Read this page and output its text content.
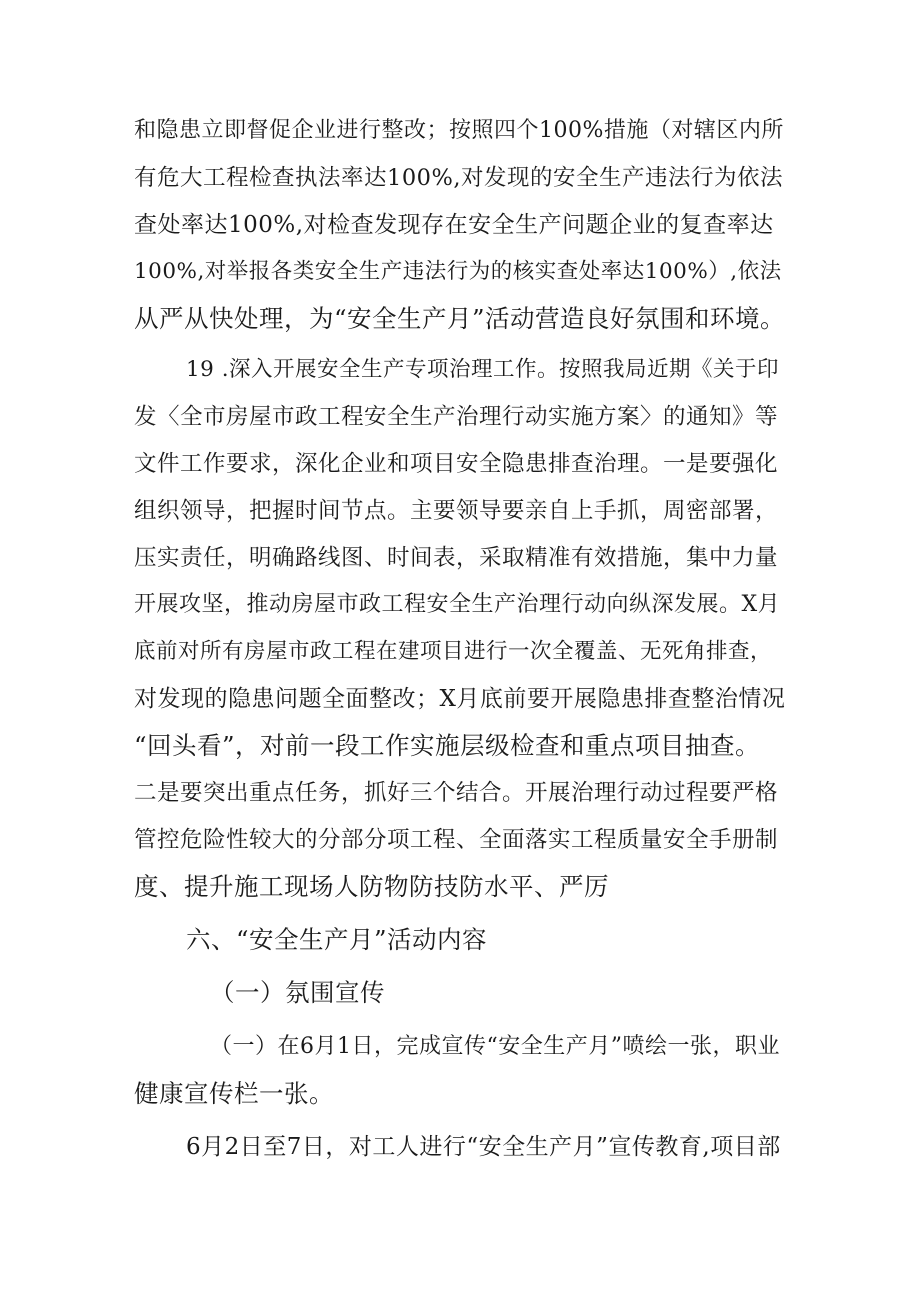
和隐患立即督促企业进行整改；按照四个100%措施（对辖区内所
有危大工程检查执法率达100%,对发现的安全生产违法行为依法
查处率达100%,对检查发现存在安全生产问题企业的复查率达
100%,对举报各类安全生产违法行为的核实查处率达100%）,依法
从严从快处理，为“安全生产月”活动营造良好氛围和环境。
19 .深入开展安全生产专项治理工作。按照我局近期《关于印
发〈全市房屋市政工程安全生产治理行动实施方案〉的通知》等
文件工作要求，深化企业和项目安全隐患排查治理。一是要强化
组织领导，把握时间节点。主要领导要亲自上手抓，周密部署，
压实责任，明确路线图、时间表，采取精准有效措施，集中力量
开展攻坚，推动房屋市政工程安全生产治理行动向纵深发展。X月
底前对所有房屋市政工程在建项目进行一次全覆盖、无死角排查，
对发现的隐患问题全面整改；X月底前要开展隐患排查整治情况
“回头看”，对前一段工作实施层级检查和重点项目抽查。
二是要突出重点任务，抓好三个结合。开展治理行动过程要严格
管控危险性较大的分部分项工程、全面落实工程质量安全手册制
度、提升施工现场人防物防技防水平、严厉
六、“安全生产月”活动内容
（一）氛围宣传
（一）在6月1日，完成宣传“安全生产月”喷绘一张，职业
健康宣传栏一张。
6月2日至7日，对工人进行“安全生产月”宣传教育,项目部
